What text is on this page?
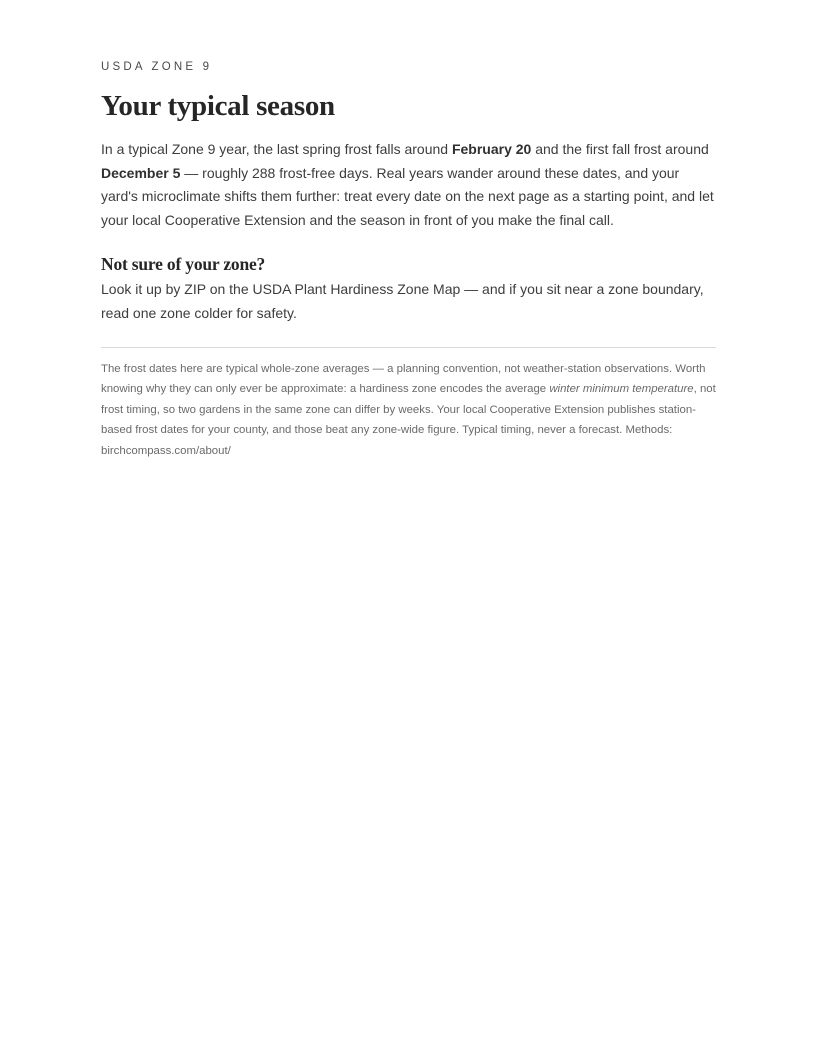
USDA ZONE 9

Your typical season

In a typical Zone 9 year, the last spring frost falls around February 20 and the first fall frost around December 5 — roughly 288 frost-free days. Real years wander around these dates, and your yard's microclimate shifts them further: treat every date on the next page as a starting point, and let your local Cooperative Extension and the season in front of you make the final call.

Not sure of your zone?

Look it up by ZIP on the USDA Plant Hardiness Zone Map — and if you sit near a zone boundary, read one zone colder for safety.

The frost dates here are typical whole-zone averages — a planning convention, not weather-station observations. Worth knowing why they can only ever be approximate: a hardiness zone encodes the average winter minimum temperature, not frost timing, so two gardens in the same zone can differ by weeks. Your local Cooperative Extension publishes station-based frost dates for your county, and those beat any zone-wide figure. Typical timing, never a forecast. Methods: birchcompass.com/about/
